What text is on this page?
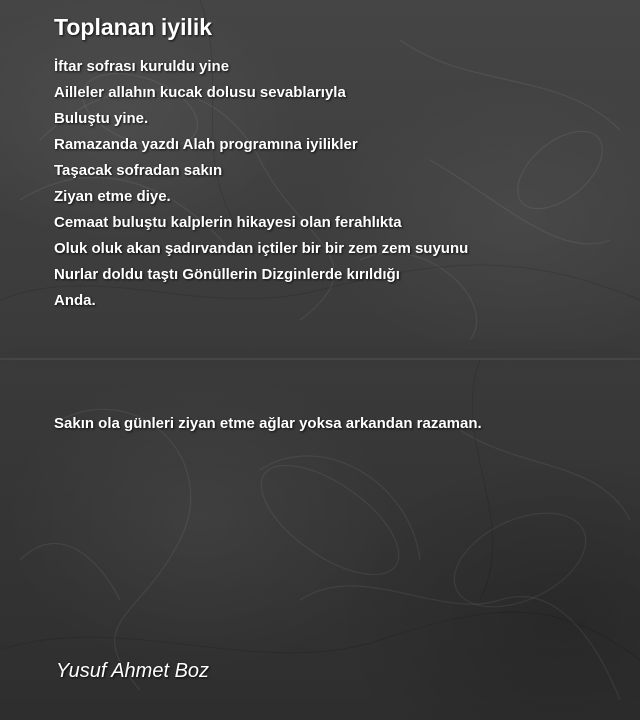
Toplanan iyilik
İftar sofrası kuruldu yine
Ailleler allahın kucak dolusu sevablarıyla
Buluştu yine.
Ramazanda yazdı Alah programına iyilikler
Taşacak sofradan sakın
Ziyan etme diye.
Cemaat buluştu kalplerin hikayesi olan ferahlıkta
Oluk oluk akan şadırvandan içtiler bir bir zem zem suyunu
Nurlar doldu taştı Gönüllerin Dizginlerde kırıldığı
Anda.

Sakın ola günleri ziyan etme ağlar yoksa arkandan razaman.

Yusuf Ahmet Boz
